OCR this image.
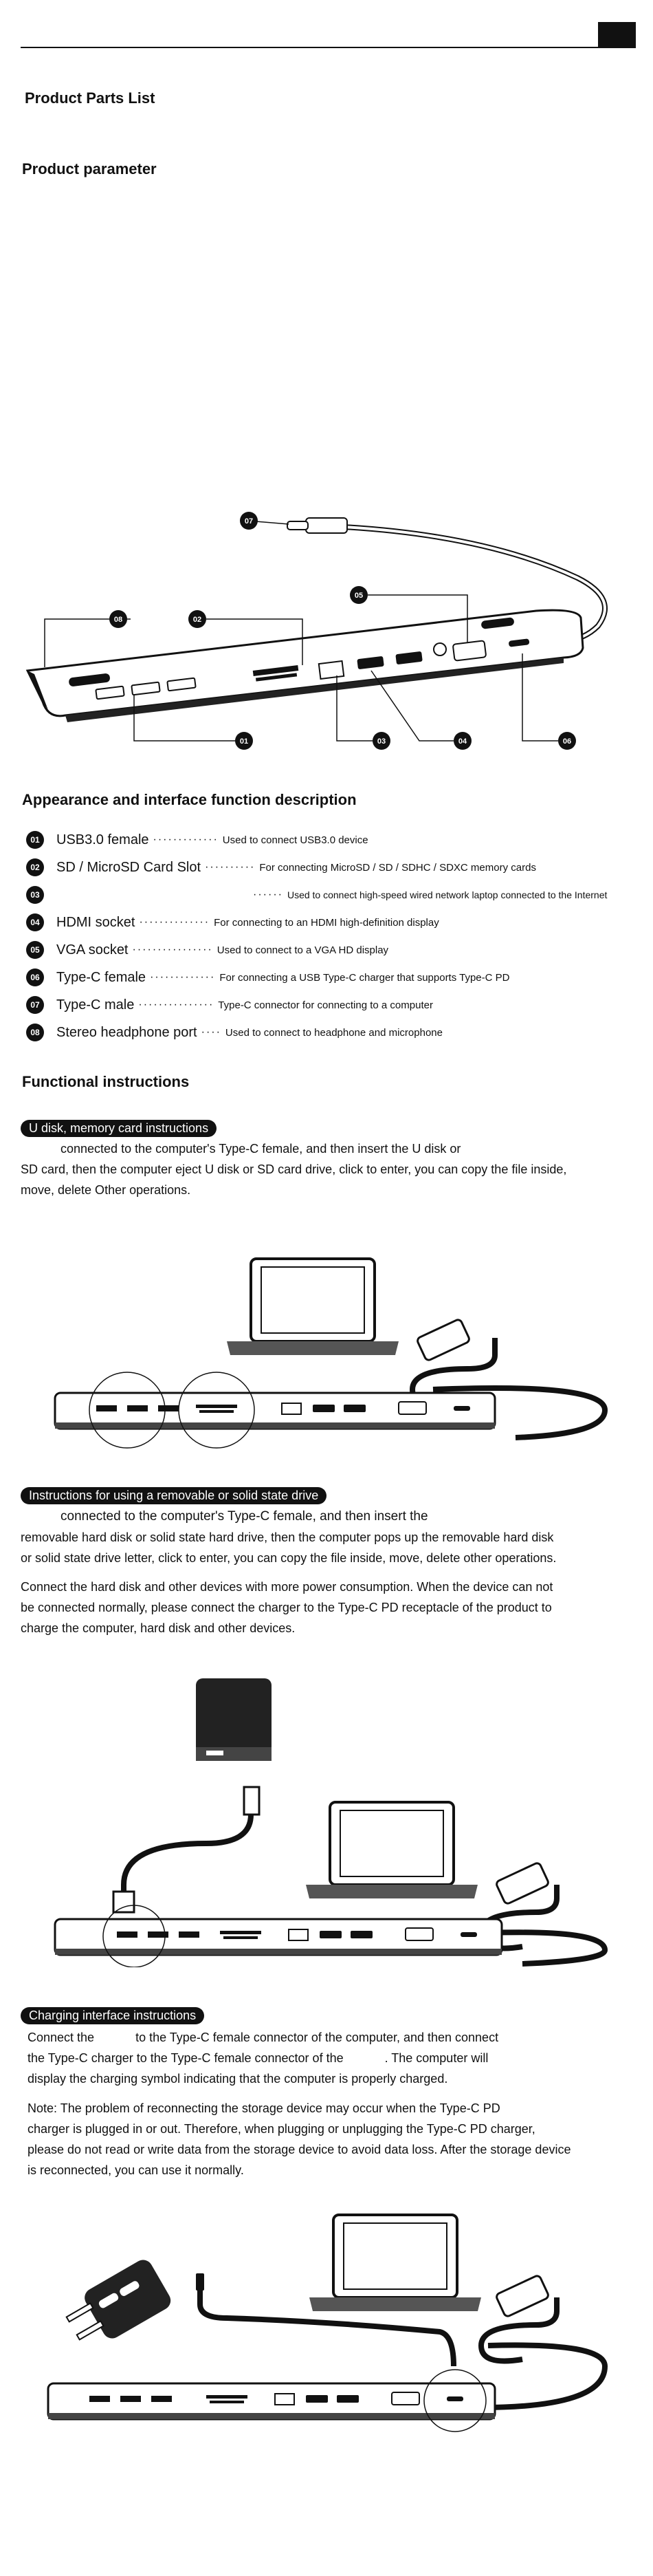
Product Parts List
Product parameter
08	02
07
05
01	03	04	06
Appearance and interface function description
01	USB3.0 female ············· Used to connect USB3.0 device
02	SD / MicroSD Card Slot ·········· For connecting MicroSD / SD / SDHC / SDXC memory cards
03	······ Used to connect high-speed wired network laptop connected to the Internet
04	HDMI socket ·············· For connecting to an HDMI high-definition display
05	VGA socket ················ Used to connect to a VGA HD display
06	Type-C female ············· For connecting a USB Type-C charger that supports Type-C PD
07	Type-C male ··············· Type-C connector for connecting to a computer
08	Stereo headphone port ···· Used to connect to headphone and microphone
Functional instructions
U disk, memory card instructions
connected to the computer's Type-C female, and then insert the U disk or
SD card, then the computer eject U disk or SD card drive, click to enter, you can copy the file inside,
move, delete Other operations.
Instructions for using a removable or solid state drive
connected to the computer's Type-C female, and then insert the
removable hard disk or solid state hard drive, then the computer pops up the removable hard disk
or solid state drive letter, click to enter, you can copy the file inside, move, delete other operations.
Connect the hard disk and other devices with more power consumption. When the device can not
be connected normally, please connect the charger to the Type-C PD receptacle of the product to
charge the computer, hard disk and other devices.
Charging interface instructions
Connect the	to the Type-C female connector of the computer, and then connect
the Type-C charger to the Type-C female connector of the	. The computer will
display the charging symbol indicating that the computer is properly charged.
Note: The problem of reconnecting the storage device may occur when the Type-C PD
charger is plugged in or out. Therefore, when plugging or unplugging the Type-C PD charger,
please do not read or write data from the storage device to avoid data loss. After the storage device
is reconnected, you can use it normally.
